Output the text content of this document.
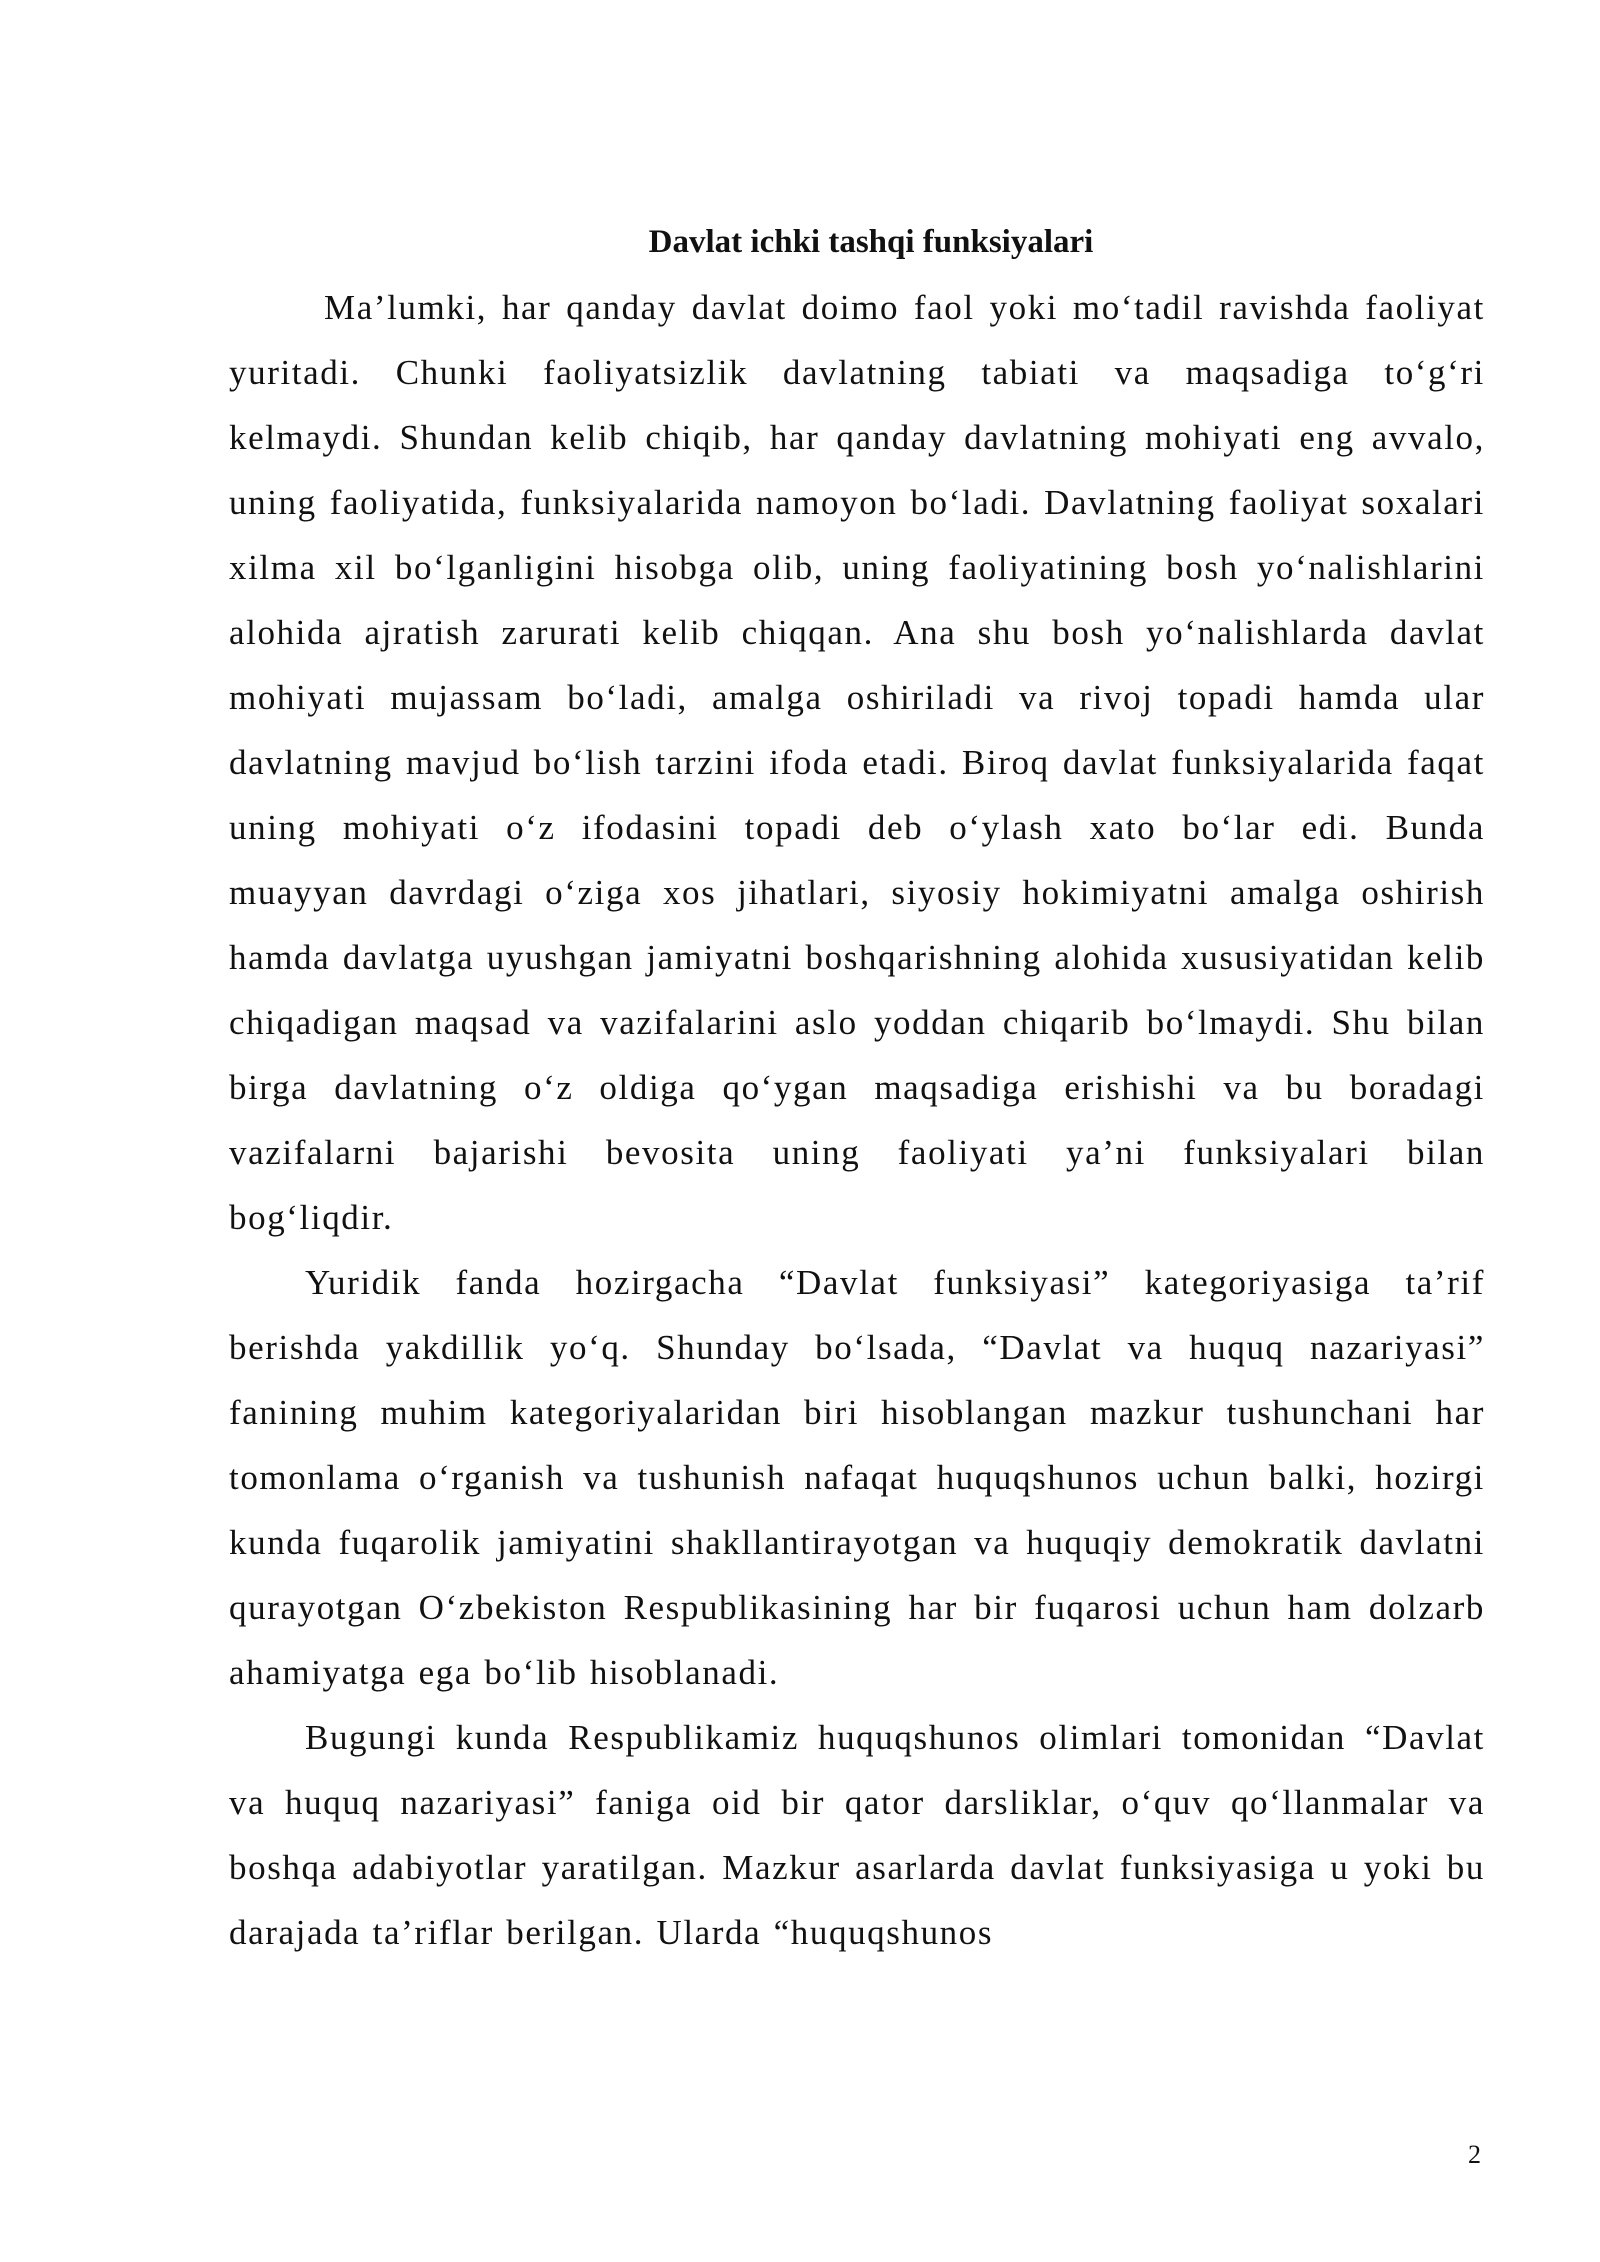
Davlat ichki tashqi funksiyalari

Ma’lumki, har qanday davlat doimo faol yoki mo‘tadil ravishda faoliyat yuritadi. Chunki faoliyatsizlik davlatning tabiati va maqsadiga to‘g‘ri kelmaydi. Shundan kelib chiqib, har qanday davlatning mohiyati eng avvalo, uning faoliyatida, funksiyalarida namoyon bo‘ladi. Davlatning faoliyat soxalari xilma xil bo‘lganligini hisobga olib, uning faoliyatining bosh yo‘nalishlarini alohida ajratish zarurati kelib chiqqan. Ana shu bosh yo‘nalishlarda davlat mohiyati mujassam bo‘ladi, amalga oshiriladi va rivoj topadi hamda ular davlatning mavjud bo‘lish tarzini ifoda etadi. Biroq davlat funksiyalarida faqat uning mohiyati o‘z ifodasini topadi deb o‘ylash xato bo‘lar edi. Bunda muayyan davrdagi o‘ziga xos jihatlari, siyosiy hokimiyatni amalga oshirish hamda davlatga uyushgan jamiyatni boshqarishning alohida xususiyatidan kelib chiqadigan maqsad va vazifalarini aslo yoddan chiqarib bo‘lmaydi. Shu bilan birga davlatning o‘z oldiga qo‘ygan maqsadiga erishishi va bu boradagi vazifalarni bajarishi bevosita uning faoliyati ya’ni funksiyalari bilan bog‘liqdir.

Yuridik fanda hozirgacha “Davlat funksiyasi” kategoriyasiga ta’rif berishda yakdillik yo‘q. Shunday bo‘lsada, “Davlat va huquq nazariyasi” fanining muhim kategoriyalaridan biri hisoblangan mazkur tushunchani har tomonlama o‘rganish va tushunish nafaqat huquqshunos uchun balki, hozirgi kunda fuqarolik jamiyatini shakllantirayotgan va huquqiy demokratik davlatni qurayotgan O‘zbekiston Respublikasining har bir fuqarosi uchun ham dolzarb ahamiyatga ega bo‘lib hisoblanadi.

Bugungi kunda Respublikamiz huquqshunos olimlari tomonidan “Davlat va huquq nazariyasi” faniga oid bir qator darsliklar, o‘quv qo‘llanmalar va boshqa adabiyotlar yaratilgan. Mazkur asarlarda davlat funksiyasiga u yoki bu darajada ta’riflar berilgan. Ularda “huquqshunos

2
